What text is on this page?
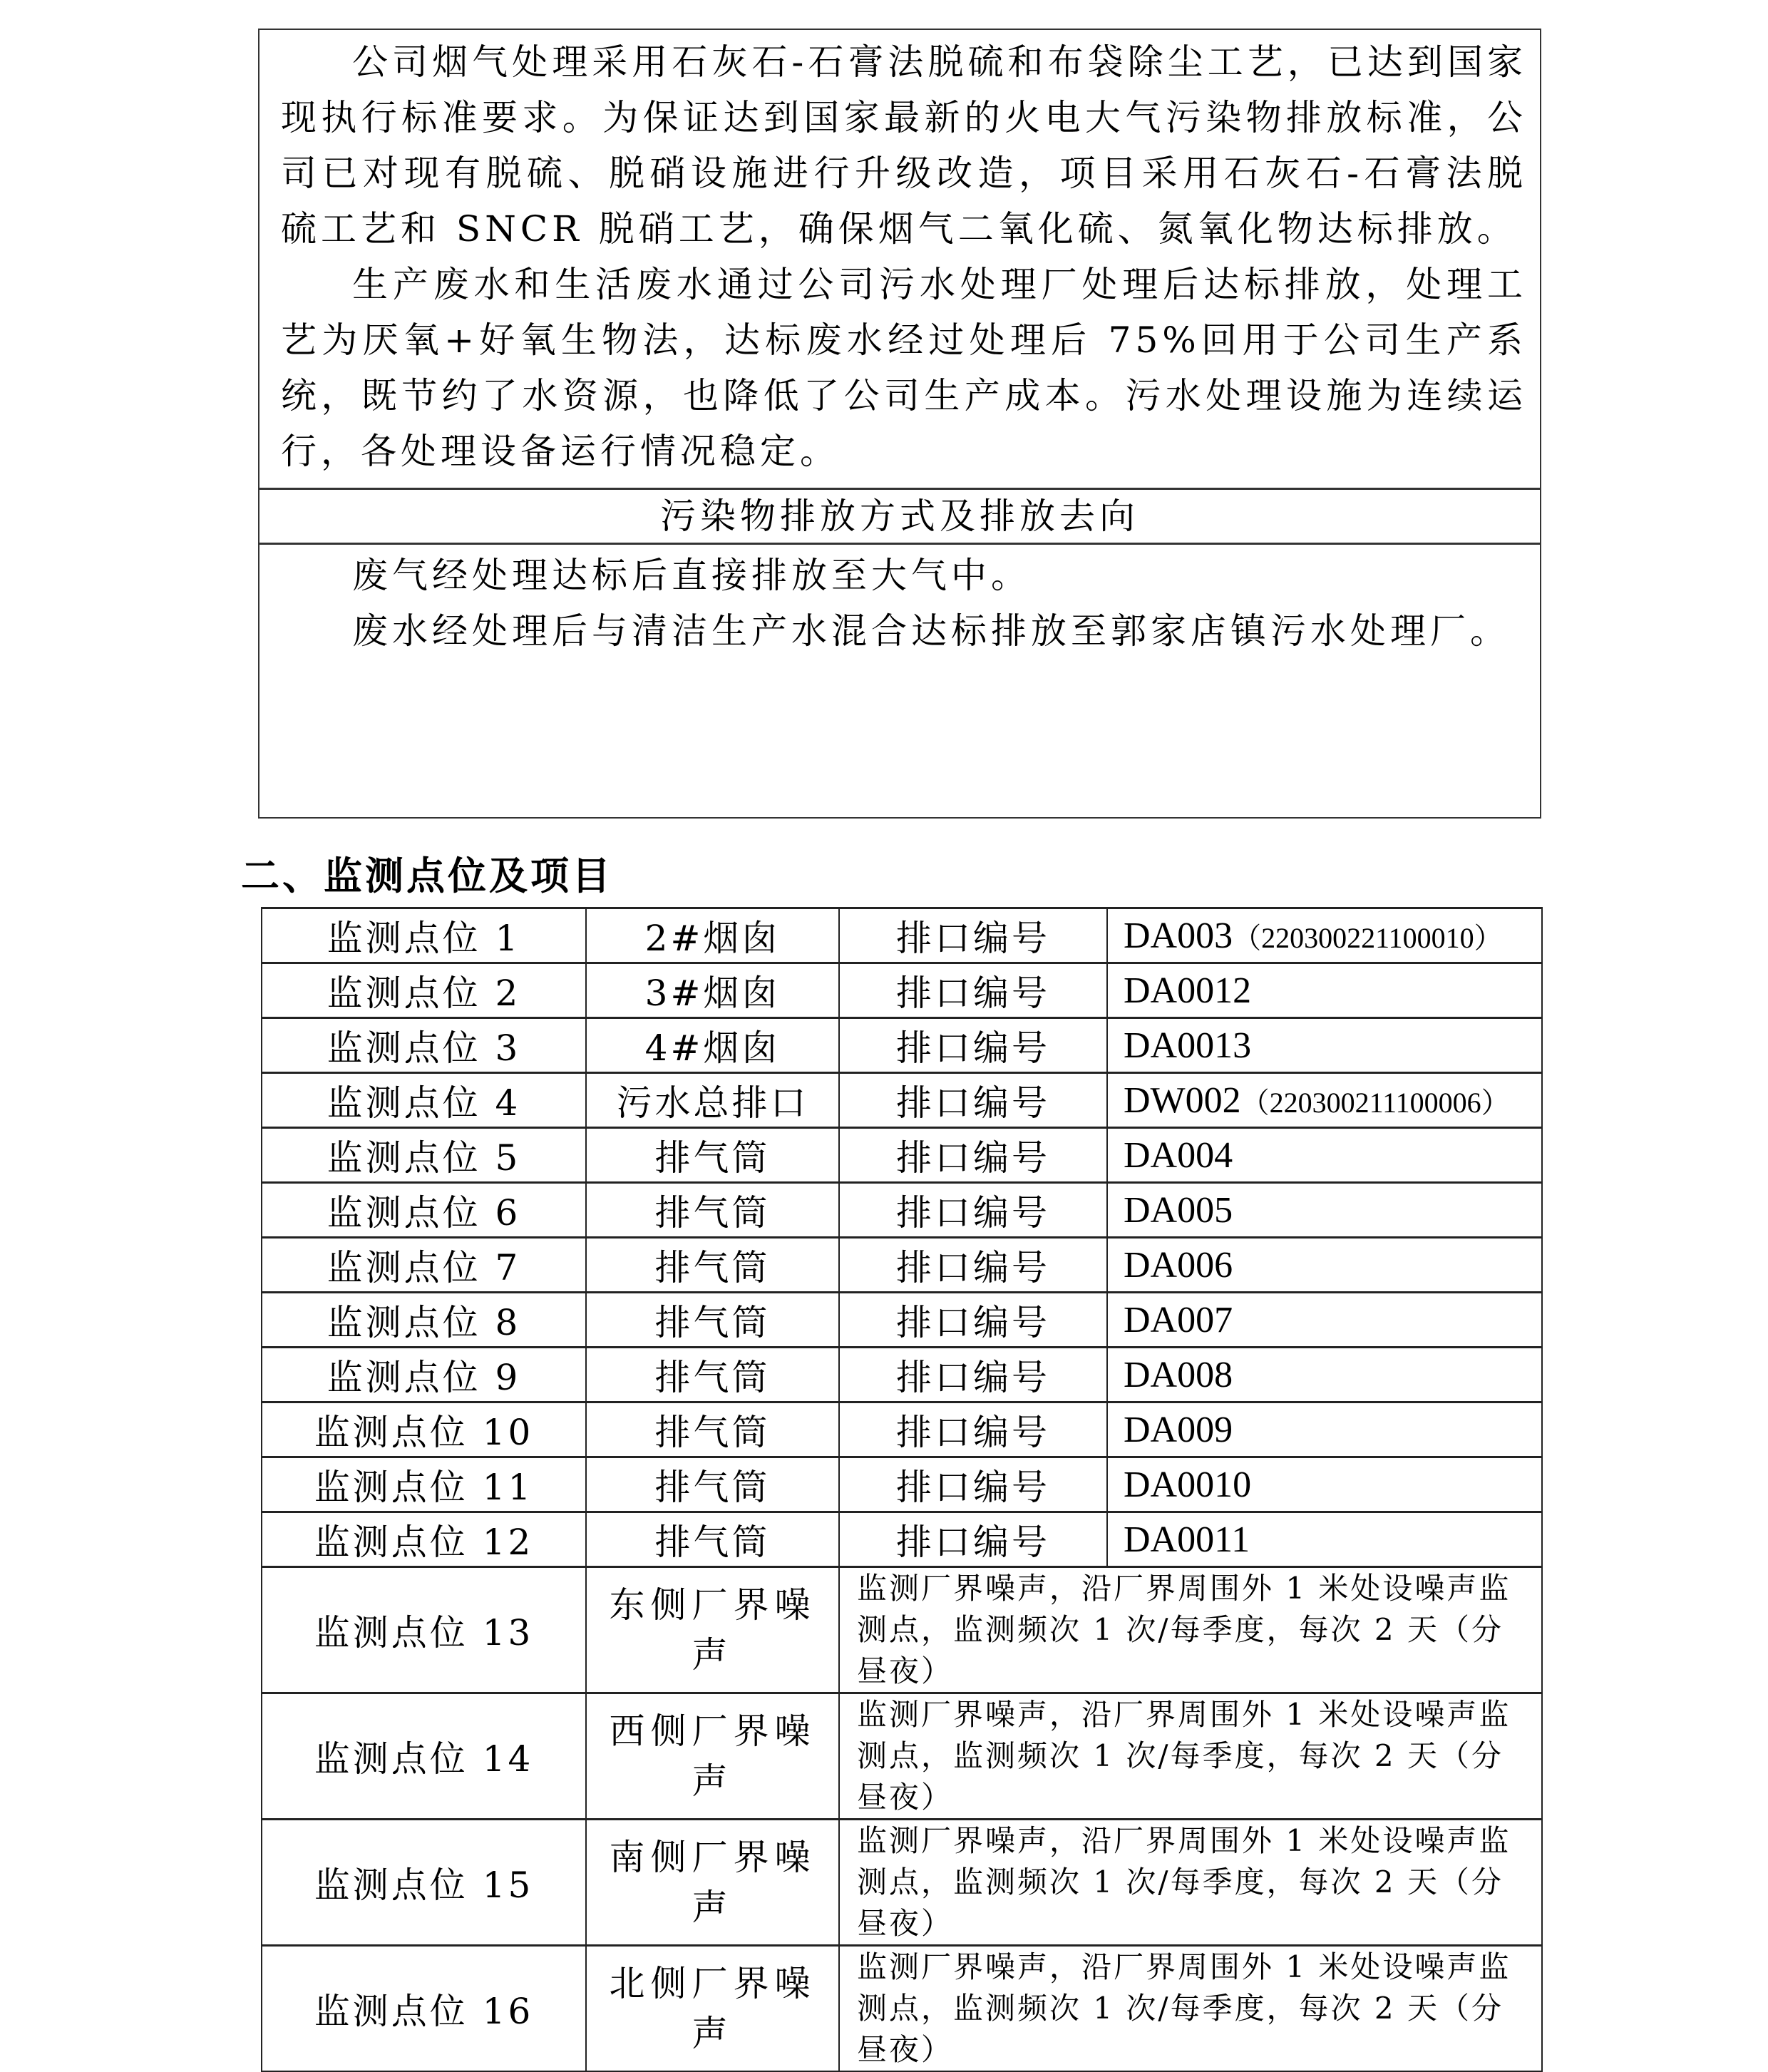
公司烟气处理采用石灰石-石膏法脱硫和布袋除尘工艺，已达到国家现执行标准要求。为保证达到国家最新的火电大气污染物排放标准，公司已对现有脱硫、脱硝设施进行升级改造，项目采用石灰石-石膏法脱硫工艺和 SNCR 脱硝工艺，确保烟气二氧化硫、氮氧化物达标排放。

生产废水和生活废水通过公司污水处理厂处理后达标排放，处理工艺为厌氧+好氧生物法，达标废水经过处理后 75%回用于公司生产系统，既节约了水资源，也降低了公司生产成本。污水处理设施为连续运行，各处理设备运行情况稳定。

污染物排放方式及排放去向

废气经处理达标后直接排放至大气中。

废水经处理后与清洁生产水混合达标排放至郭家店镇污水处理厂。

二、监测点位及项目
监测点位 1	2#烟囱	排口编号	DA003（220300221100010）
监测点位 2	3#烟囱	排口编号	DA0012
监测点位 3	4#烟囱	排口编号	DA0013
监测点位 4	污水总排口	排口编号	DW002（220300211100006）
监测点位 5	排气筒	排口编号	DA004
监测点位 6	排气筒	排口编号	DA005
监测点位 7	排气筒	排口编号	DA006
监测点位 8	排气筒	排口编号	DA007
监测点位 9	排气筒	排口编号	DA008
监测点位 10	排气筒	排口编号	DA009
监测点位 11	排气筒	排口编号	DA0010
监测点位 12	排气筒	排口编号	DA0011
监测点位 13	东侧厂界噪声	监测厂界噪声，沿厂界周围外 1 米处设噪声监测点，监测频次 1 次/每季度，每次 2 天（分昼夜）	
监测点位 14	西侧厂界噪声	监测厂界噪声，沿厂界周围外 1 米处设噪声监测点，监测频次 1 次/每季度，每次 2 天（分昼夜）	
监测点位 15	南侧厂界噪声	监测厂界噪声，沿厂界周围外 1 米处设噪声监测点，监测频次 1 次/每季度，每次 2 天（分昼夜）	
监测点位 16	北侧厂界噪声	监测厂界噪声，沿厂界周围外 1 米处设噪声监测点，监测频次 1 次/每季度，每次 2 天（分昼夜）	
